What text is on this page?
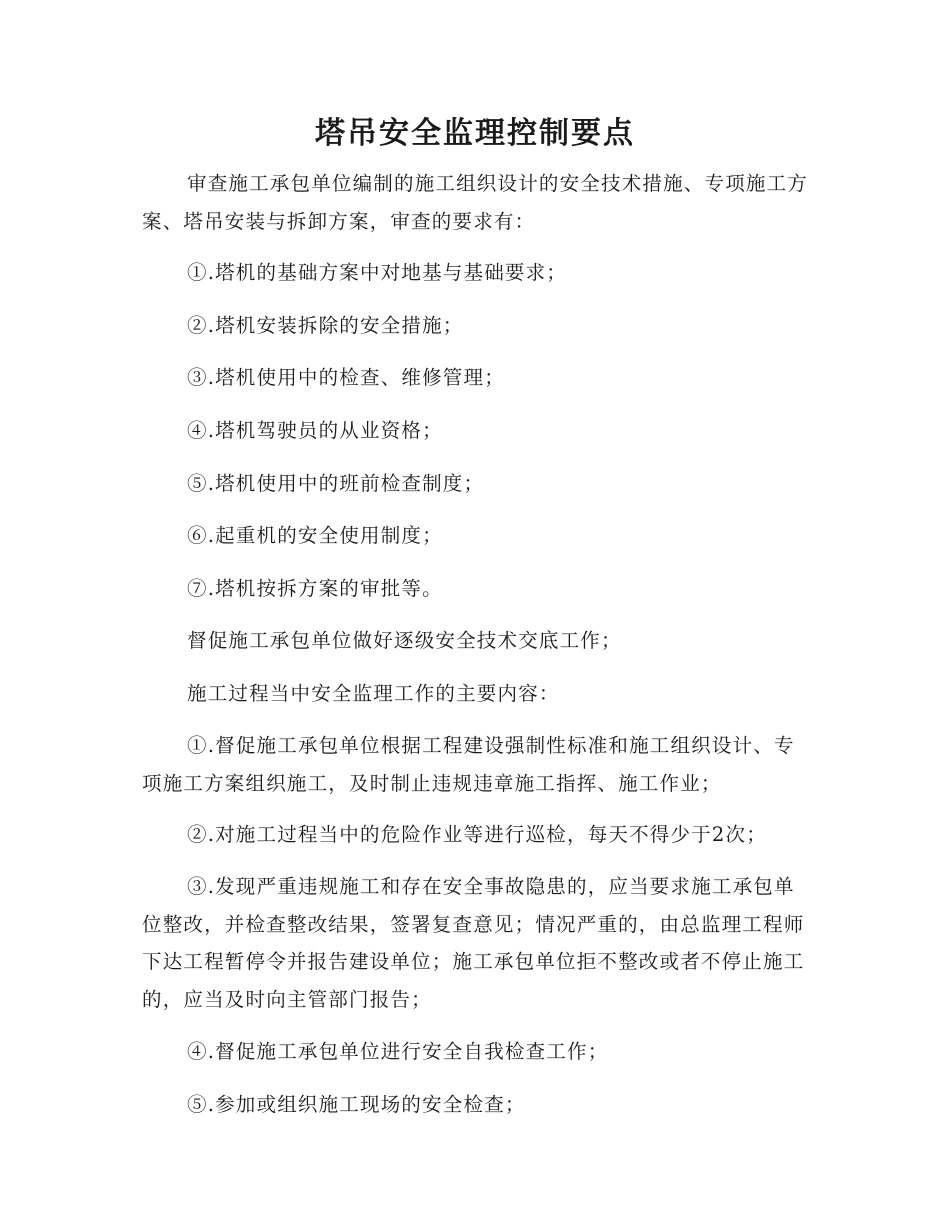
塔吊安全监理控制要点

审查施工承包单位编制的施工组织设计的安全技术措施、专项施工方案、塔吊安装与拆卸方案，审查的要求有：

①.塔机的基础方案中对地基与基础要求；

②.塔机安装拆除的安全措施；

③.塔机使用中的检查、维修管理；

④.塔机驾驶员的从业资格；

⑤.塔机使用中的班前检查制度；

⑥.起重机的安全使用制度；

⑦.塔机按拆方案的审批等。

督促施工承包单位做好逐级安全技术交底工作；

施工过程当中安全监理工作的主要内容：

①.督促施工承包单位根据工程建设强制性标准和施工组织设计、专项施工方案组织施工，及时制止违规违章施工指挥、施工作业；

②.对施工过程当中的危险作业等进行巡检，每天不得少于2次；

③.发现严重违规施工和存在安全事故隐患的，应当要求施工承包单位整改，并检查整改结果，签署复查意见；情况严重的，由总监理工程师下达工程暂停令并报告建设单位；施工承包单位拒不整改或者不停止施工的，应当及时向主管部门报告；

④.督促施工承包单位进行安全自我检查工作；

⑤.参加或组织施工现场的安全检查；
